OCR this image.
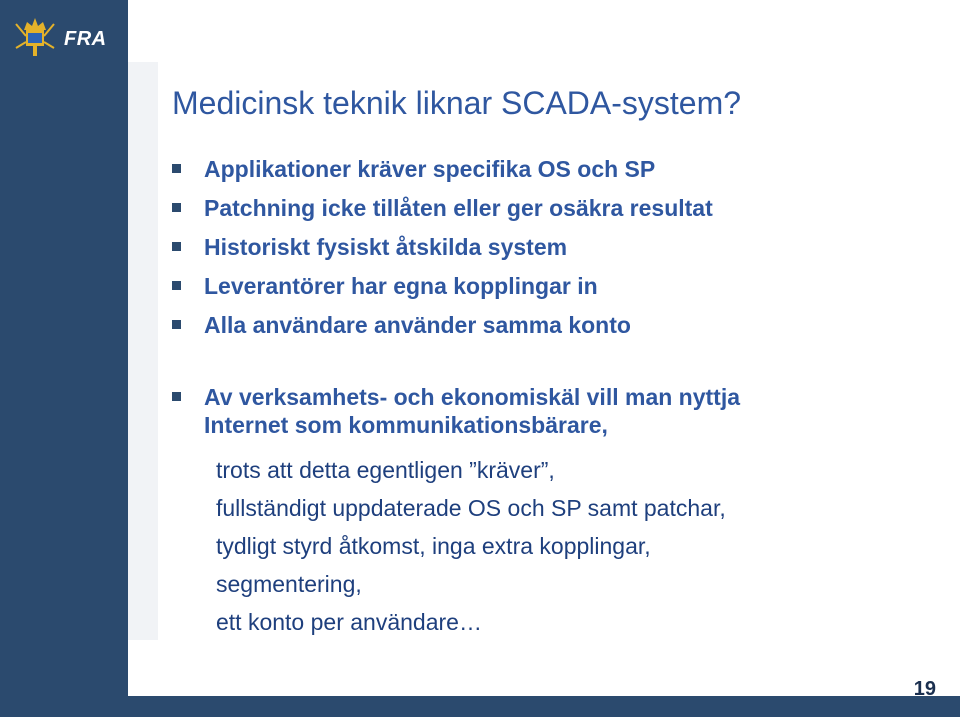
FRA
Medicinsk teknik liknar SCADA-system?
Applikationer kräver specifika OS och SP
Patchning icke tillåten eller ger osäkra resultat
Historiskt fysiskt åtskilda system
Leverantörer har egna kopplingar in
Alla användare använder samma konto
Av verksamhets- och ekonomiskäl vill man nyttja
Internet som kommunikationsbärare,
trots att detta egentligen ”kräver”,
fullständigt uppdaterade OS och SP samt patchar,
tydligt styrd åtkomst, inga extra kopplingar,
segmentering,
ett konto per användare…
19
